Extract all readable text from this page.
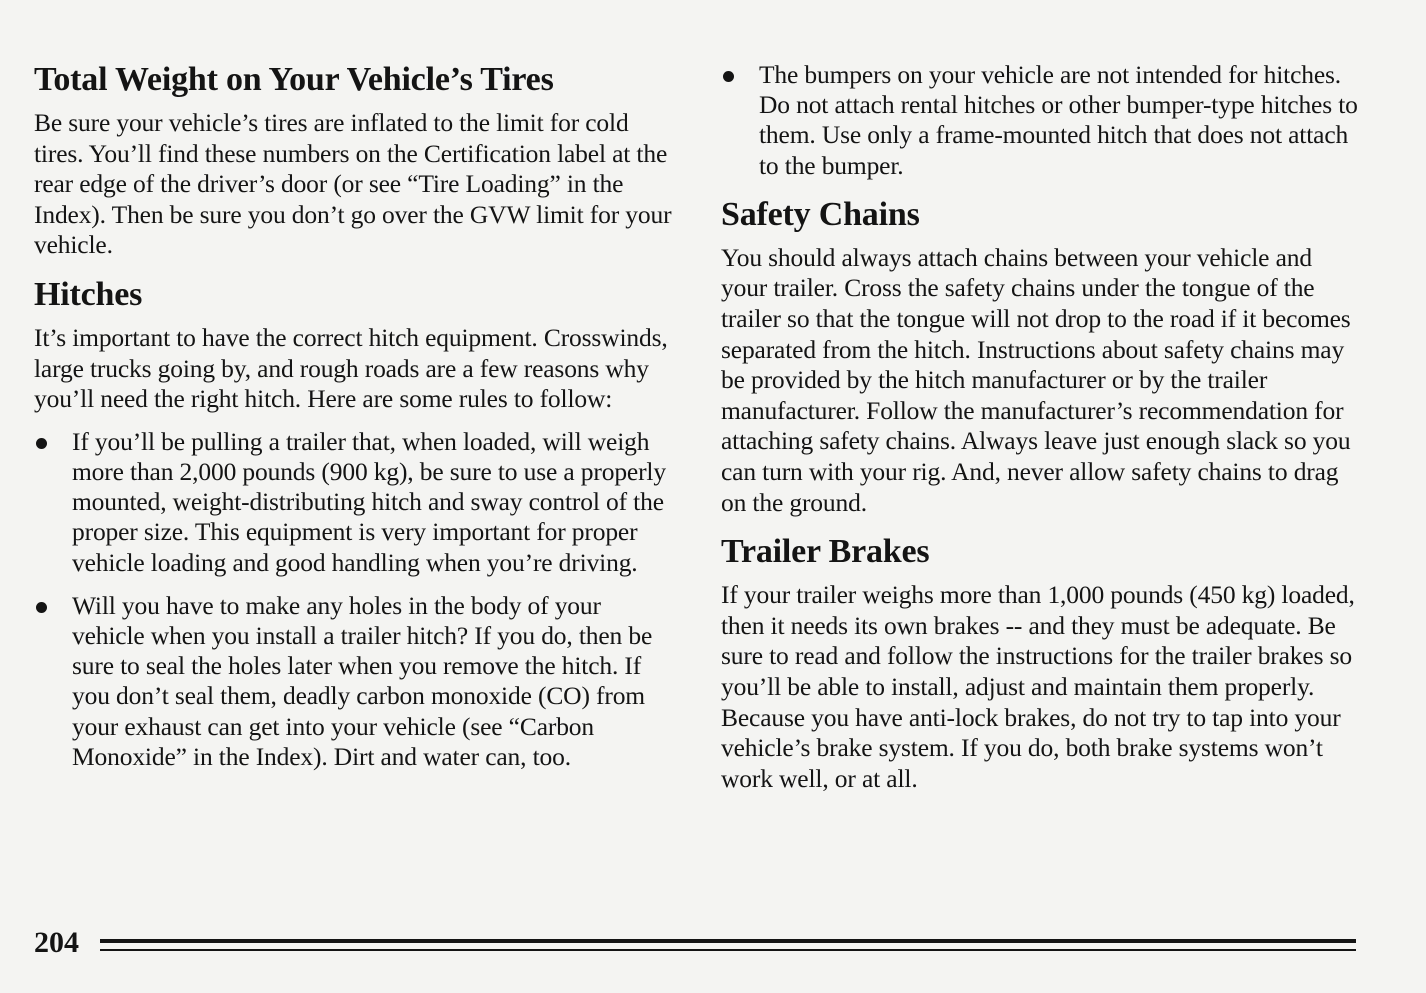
Total Weight on Your Vehicle’s Tires

Be sure your vehicle’s tires are inflated to the limit for cold tires. You’ll find these numbers on the Certification label at the rear edge of the driver’s door (or see “Tire Loading” in the Index). Then be sure you don’t go over the GVW limit for your vehicle.

Hitches

It’s important to have the correct hitch equipment. Crosswinds, large trucks going by, and rough roads are a few reasons why you’ll need the right hitch. Here are some rules to follow:

If you’ll be pulling a trailer that, when loaded, will weigh more than 2,000 pounds (900 kg), be sure to use a properly mounted, weight-distributing hitch and sway control of the proper size. This equipment is very important for proper vehicle loading and good handling when you’re driving.
Will you have to make any holes in the body of your vehicle when you install a trailer hitch? If you do, then be sure to seal the holes later when you remove the hitch. If you don’t seal them, deadly carbon monoxide (CO) from your exhaust can get into your vehicle (see “Carbon Monoxide” in the Index). Dirt and water can, too.
The bumpers on your vehicle are not intended for hitches. Do not attach rental hitches or other bumper-type hitches to them. Use only a frame-mounted hitch that does not attach to the bumper.
Safety Chains

You should always attach chains between your vehicle and your trailer. Cross the safety chains under the tongue of the trailer so that the tongue will not drop to the road if it becomes separated from the hitch. Instructions about safety chains may be provided by the hitch manufacturer or by the trailer manufacturer. Follow the manufacturer’s recommendation for attaching safety chains. Always leave just enough slack so you can turn with your rig. And, never allow safety chains to drag on the ground.

Trailer Brakes

If your trailer weighs more than 1,000 pounds (450 kg) loaded, then it needs its own brakes -- and they must be adequate. Be sure to read and follow the instructions for the trailer brakes so you’ll be able to install, adjust and maintain them properly. Because you have anti-lock brakes, do not try to tap into your vehicle’s brake system. If you do, both brake systems won’t work well, or at all.

204
